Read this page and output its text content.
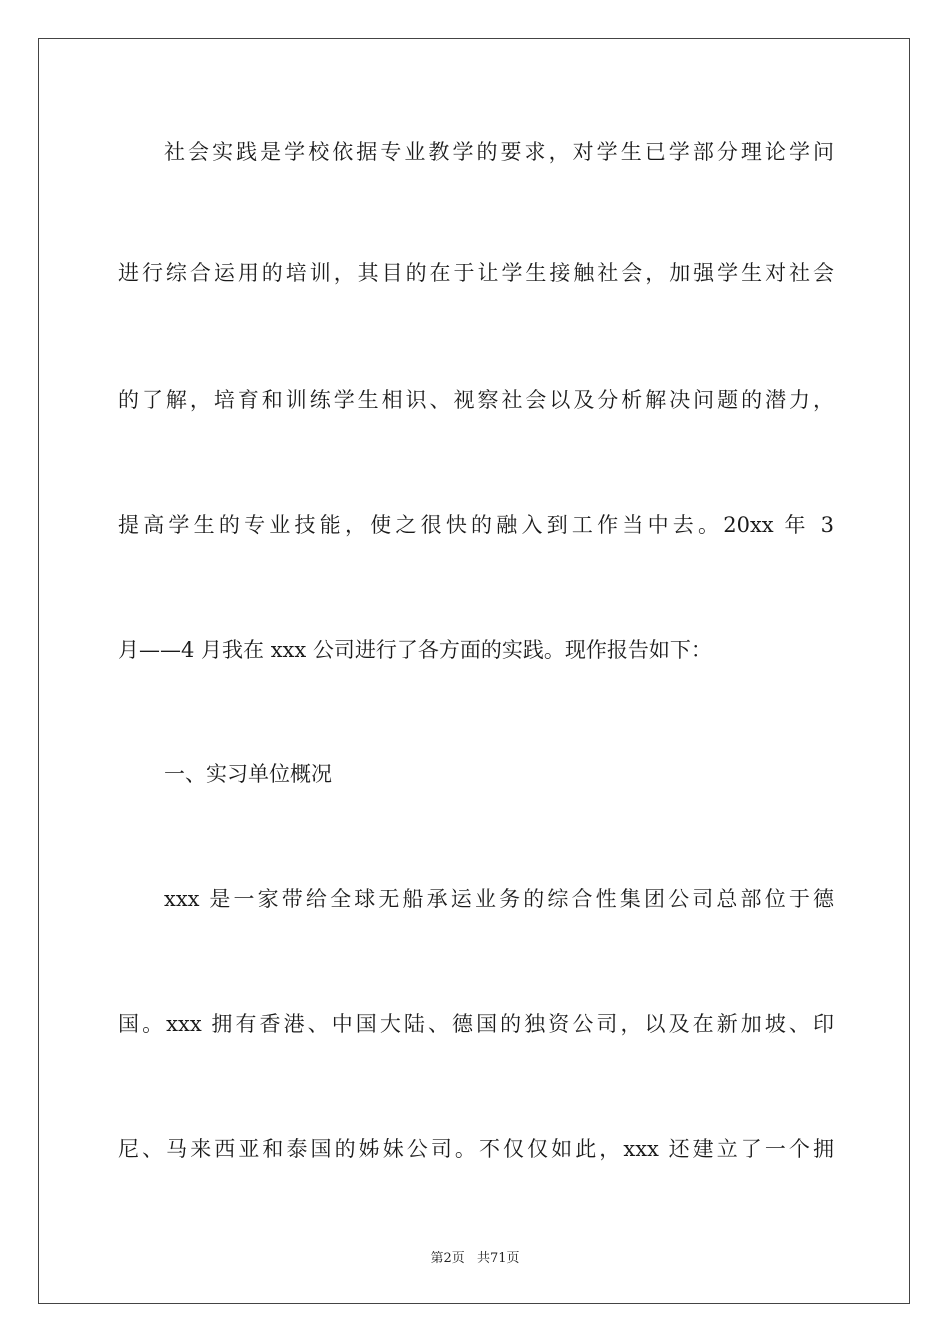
社会实践是学校依据专业教学的要求，对学生已学部分理论学问
进行综合运用的培训，其目的在于让学生接触社会，加强学生对社会
的了解，培育和训练学生相识、视察社会以及分析解决问题的潜力，
提高学生的专业技能，使之很快的融入到工作当中去。20xx 年 3
月——4 月我在 xxx 公司进行了各方面的实践。现作报告如下：
一、实习单位概况
xxx 是一家带给全球无船承运业务的综合性集团公司总部位于德
国。xxx 拥有香港、中国大陆、德国的独资公司，以及在新加坡、印
尼、马来西亚和泰国的姊妹公司。不仅仅如此，xxx 还建立了一个拥
第2页 共71页
